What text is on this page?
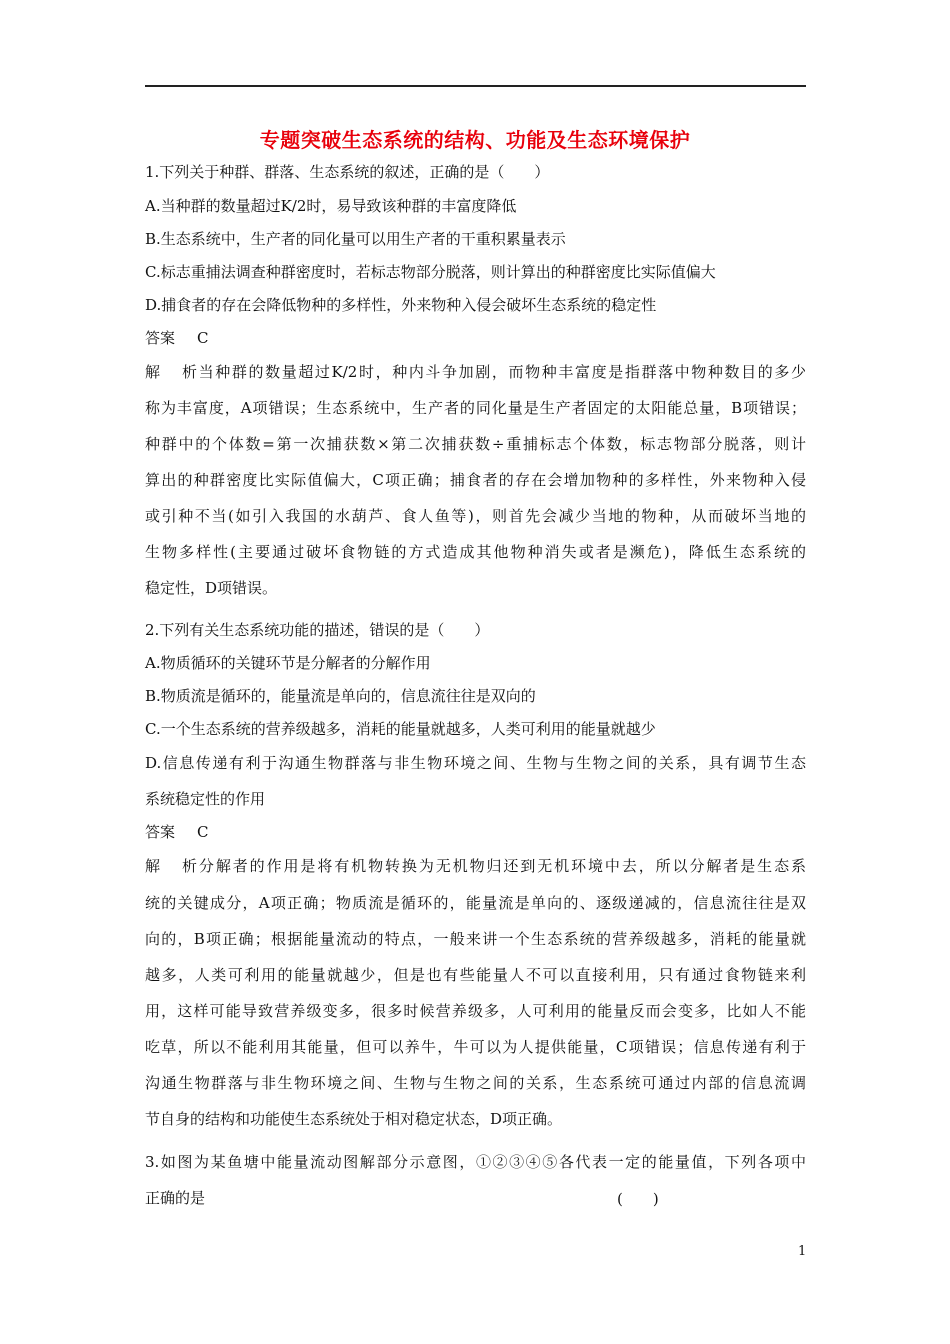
专题突破生态系统的结构、功能及生态环境保护
1.下列关于种群、群落、生态系统的叙述，正确的是（　　）
A.当种群的数量超过K/2时，易导致该种群的丰富度降低
B.生态系统中，生产者的同化量可以用生产者的干重积累量表示
C.标志重捕法调查种群密度时，若标志物部分脱落，则计算出的种群密度比实际值偏大
D.捕食者的存在会降低物种的多样性，外来物种入侵会破坏生态系统的稳定性
答案 C
解析当种群的数量超过K/2时，种内斗争加剧，而物种丰富度是指群落中物种数目的多少
称为丰富度，A项错误；生态系统中，生产者的同化量是生产者固定的太阳能总量，B项错误；
种群中的个体数=第一次捕获数×第二次捕获数÷重捕标志个体数，标志物部分脱落，则计
算出的种群密度比实际值偏大，C项正确；捕食者的存在会增加物种的多样性，外来物种入侵
或引种不当(如引入我国的水葫芦、食人鱼等)，则首先会减少当地的物种，从而破坏当地的
生物多样性(主要通过破坏食物链的方式造成其他物种消失或者是濒危)，降低生态系统的
稳定性，D项错误。
2.下列有关生态系统功能的描述，错误的是（　　）
A.物质循环的关键环节是分解者的分解作用
B.物质流是循环的，能量流是单向的，信息流往往是双向的
C.一个生态系统的营养级越多，消耗的能量就越多，人类可利用的能量就越少
D.信息传递有利于沟通生物群落与非生物环境之间、生物与生物之间的关系，具有调节生态
系统稳定性的作用
答案 C
解析分解者的作用是将有机物转换为无机物归还到无机环境中去，所以分解者是生态系
统的关键成分，A项正确；物质流是循环的，能量流是单向的、逐级递减的，信息流往往是双
向的，B项正确；根据能量流动的特点，一般来讲一个生态系统的营养级越多，消耗的能量就
越多，人类可利用的能量就越少，但是也有些能量人不可以直接利用，只有通过食物链来利
用，这样可能导致营养级变多，很多时候营养级多，人可利用的能量反而会变多，比如人不能
吃草，所以不能利用其能量，但可以养牛，牛可以为人提供能量，C项错误；信息传递有利于
沟通生物群落与非生物环境之间、生物与生物之间的关系，生态系统可通过内部的信息流调
节自身的结构和功能使生态系统处于相对稳定状态，D项正确。
3.如图为某鱼塘中能量流动图解部分示意图，①②③④⑤各代表一定的能量值，下列各项中
正确的是	(　　)
1
